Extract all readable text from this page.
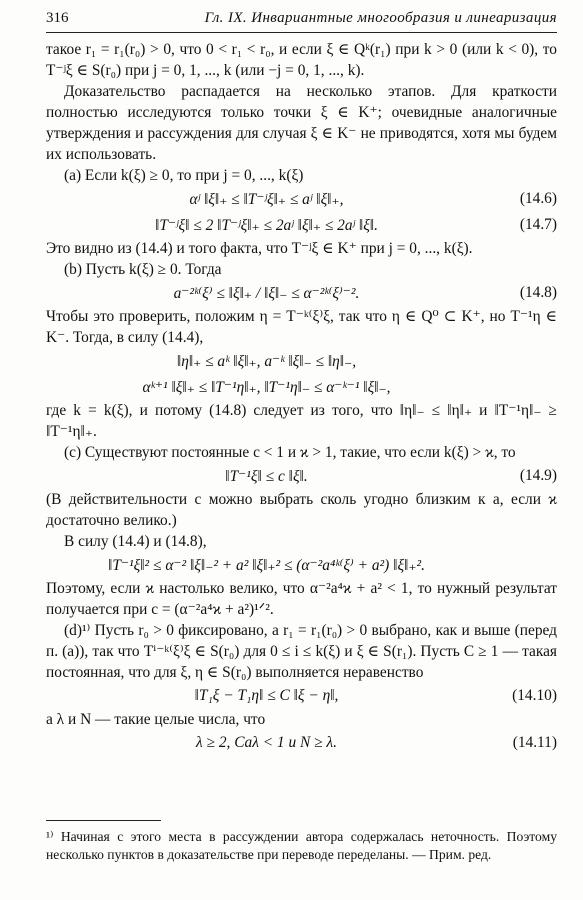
316	Гл. IX. Инвариантные многообразия и линеаризация

такое r₁ = r₁(r₀) > 0, что 0 < r₁ < r₀, и если ξ ∈ Qᵏ(r₁) при k > 0 (или k < 0), то T⁻ʲξ ∈ S(r₀) при j = 0, 1, ..., k (или −j = 0, 1, ..., k).

Доказательство распадается на несколько этапов. Для краткости полностью исследуются только точки ξ ∈ K⁺; очевидные аналогичные утверждения и рассуждения для случая ξ ∈ K⁻ не приводятся, хотя мы будем их использовать.

(a) Если k(ξ) ≥ 0, то при j = 0, ..., k(ξ)

αʲ ‖ξ‖₊ ≤ ‖T⁻ʲξ‖₊ ≤ aʲ ‖ξ‖₊,	(14.6)
‖T⁻ʲξ‖ ≤ 2 ‖T⁻ʲξ‖₊ ≤ 2aʲ ‖ξ‖₊ ≤ 2aʲ ‖ξ‖.	(14.7)

Это видно из (14.4) и того факта, что T⁻ʲξ ∈ K⁺ при j = 0, ..., k(ξ).

(b) Пусть k(ξ) ≥ 0. Тогда

a⁻²ᵏ⁽ξ⁾ ≤ ‖ξ‖₊ / ‖ξ‖₋ ≤ α⁻²ᵏ⁽ξ⁾⁻².	(14.8)

Чтобы это проверить, положим η = T⁻ᵏ⁽ξ⁾ξ, так что η ∈ Q⁰ ⊂ K⁺, но T⁻¹η ∈ K⁻. Тогда, в силу (14.4),

‖η‖₊ ≤ aᵏ ‖ξ‖₊, a⁻ᵏ ‖ξ‖₋ ≤ ‖η‖₋,
αᵏ⁺¹ ‖ξ‖₊ ≤ ‖T⁻¹η‖₊, ‖T⁻¹η‖₋ ≤ α⁻ᵏ⁻¹ ‖ξ‖₋,

где k = k(ξ), и потому (14.8) следует из того, что ‖η‖₋ ≤ ‖η‖₊ и ‖T⁻¹η‖₋ ≥ ‖T⁻¹η‖₊.

(c) Существуют постоянные c < 1 и ϰ > 1, такие, что если k(ξ) > ϰ, то

‖T⁻¹ξ‖ ≤ c ‖ξ‖.	(14.9)

(В действительности c можно выбрать сколь угодно близким к a, если ϰ достаточно велико.)

В силу (14.4) и (14.8),

‖T⁻¹ξ‖² ≤ α⁻² ‖ξ‖₋² + a² ‖ξ‖₊² ≤ (α⁻²a⁴ᵏ⁽ξ⁾ + a²) ‖ξ‖₊².

Поэтому, если ϰ настолько велико, что α⁻²a⁴ϰ + a² < 1, то нужный результат получается при c = (α⁻²a⁴ϰ + a²)¹ᐟ².

(d)¹⁾ Пусть r₀ > 0 фиксировано, а r₁ = r₁(r₀) > 0 выбрано, как и выше (перед п. (a)), так что Tⁱ⁻ᵏ⁽ξ⁾ξ ∈ S(r₀) для 0 ≤ i ≤ k(ξ) и ξ ∈ S(r₁). Пусть C ≥ 1 — такая постоянная, что для ξ, η ∈ S(r₀) выполняется неравенство

‖T₁ξ − T₁η‖ ≤ C ‖ξ − η‖,	(14.10)

а λ и N — такие целые числа, что

λ ≥ 2, Caλ < 1 и N ≥ λ.	(14.11)
¹⁾ Начиная с этого места в рассуждении автора содержалась неточность. Поэтому несколько пунктов в доказательстве при переводе переделаны. — Прим. ред.
